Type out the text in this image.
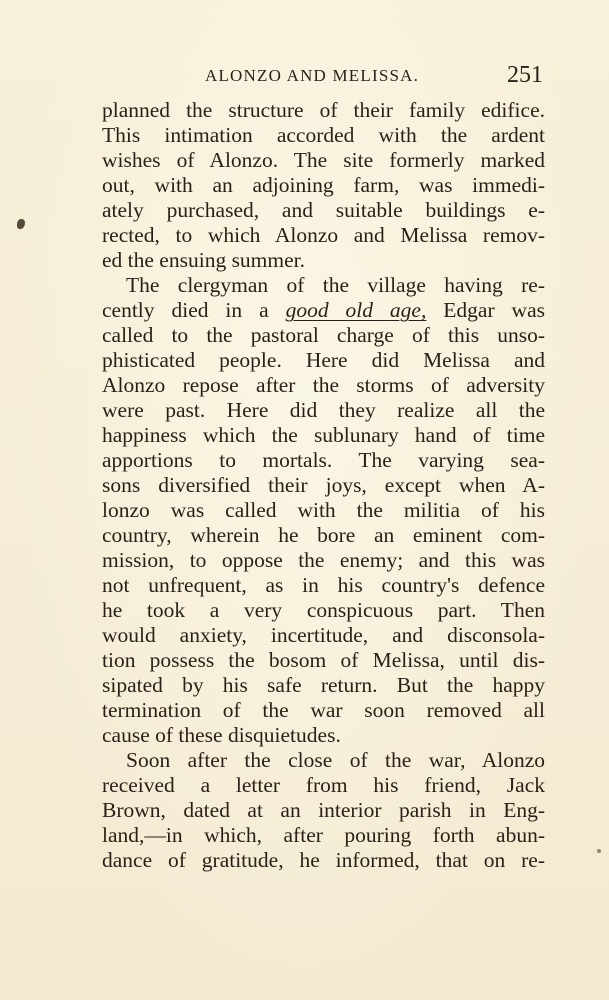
ALONZO AND MELISSA.	251
planned the structure of their family edifice.
This intimation accorded with the ardent
wishes of Alonzo. The site formerly marked
out, with an adjoining farm, was immedi-
ately purchased, and suitable buildings e-
rected, to which Alonzo and Melissa remov-
ed the ensuing summer.
The clergyman of the village having re-
cently died in a good old age, Edgar was
called to the pastoral charge of this unso-
phisticated people. Here did Melissa and
Alonzo repose after the storms of adversity
were past. Here did they realize all the
happiness which the sublunary hand of time
apportions to mortals. The varying sea-
sons diversified their joys, except when A-
lonzo was called with the militia of his
country, wherein he bore an eminent com-
mission, to oppose the enemy; and this was
not unfrequent, as in his country's defence
he took a very conspicuous part. Then
would anxiety, incertitude, and disconsola-
tion possess the bosom of Melissa, until dis-
sipated by his safe return. But the happy
termination of the war soon removed all
cause of these disquietudes.
Soon after the close of the war, Alonzo
received a letter from his friend, Jack
Brown, dated at an interior parish in Eng-
land,—in which, after pouring forth abun-
dance of gratitude, he informed, that on re-
